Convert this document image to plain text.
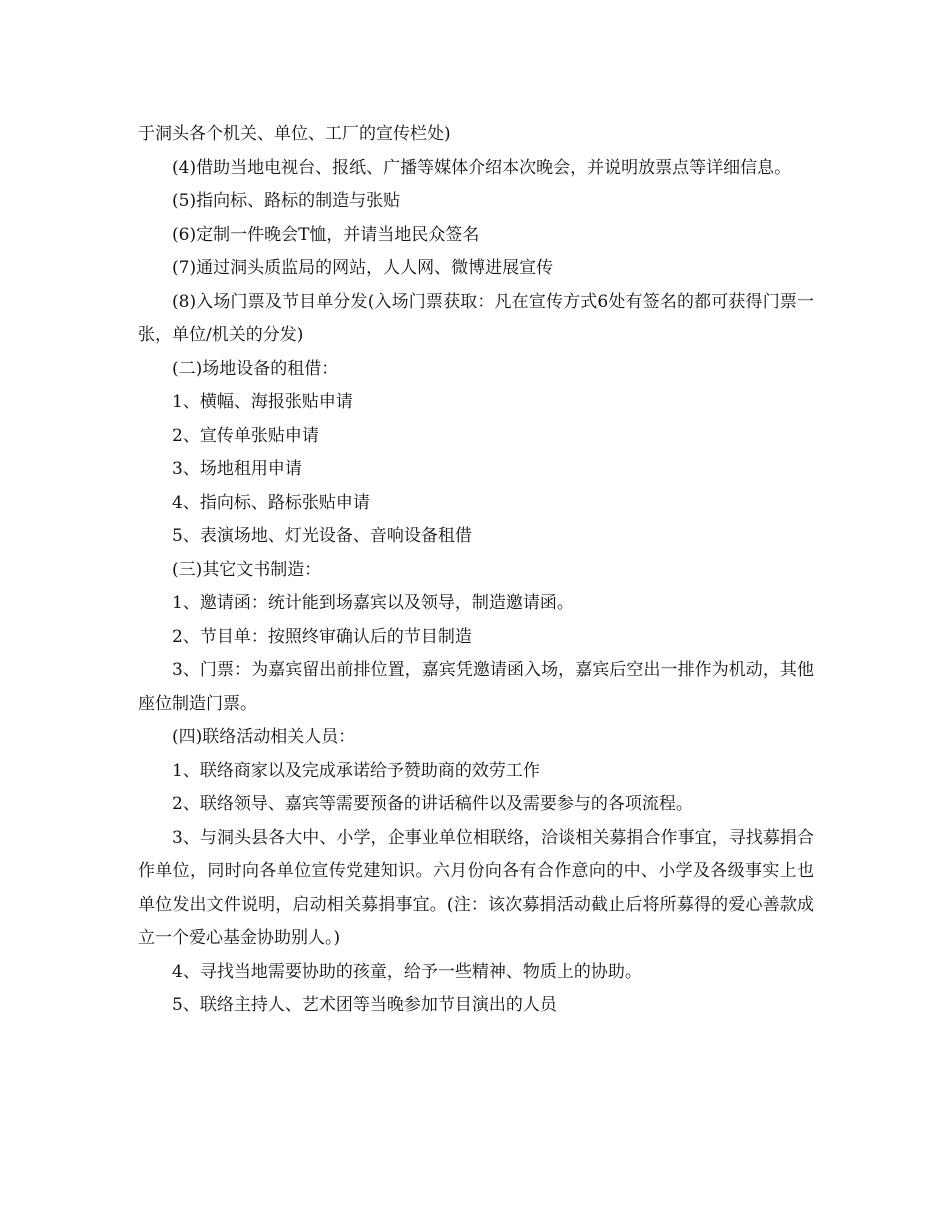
于洞头各个机关、单位、工厂的宣传栏处)

(4)借助当地电视台、报纸、广播等媒体介绍本次晚会，并说明放票点等详细信息。

(5)指向标、路标的制造与张贴

(6)定制一件晚会T恤，并请当地民众签名

(7)通过洞头质监局的网站，人人网、微博进展宣传

(8)入场门票及节目单分发(入场门票获取：凡在宣传方式6处有签名的都可获得门票一张，单位/机关的分发)

(二)场地设备的租借：

1、横幅、海报张贴申请

2、宣传单张贴申请

3、场地租用申请

4、指向标、路标张贴申请

5、表演场地、灯光设备、音响设备租借

(三)其它文书制造：

1、邀请函：统计能到场嘉宾以及领导，制造邀请函。

2、节目单：按照终审确认后的节目制造

3、门票：为嘉宾留出前排位置，嘉宾凭邀请函入场，嘉宾后空出一排作为机动，其他座位制造门票。

(四)联络活动相关人员：

1、联络商家以及完成承诺给予赞助商的效劳工作

2、联络领导、嘉宾等需要预备的讲话稿件以及需要参与的各项流程。

3、与洞头县各大中、小学，企事业单位相联络，洽谈相关募捐合作事宜，寻找募捐合作单位，同时向各单位宣传党建知识。六月份向各有合作意向的中、小学及各级事实上也单位发出文件说明，启动相关募捐事宜。(注：该次募捐活动截止后将所募得的爱心善款成立一个爱心基金协助别人。)

4、寻找当地需要协助的孩童，给予一些精神、物质上的协助。

5、联络主持人、艺术团等当晚参加节目演出的人员
